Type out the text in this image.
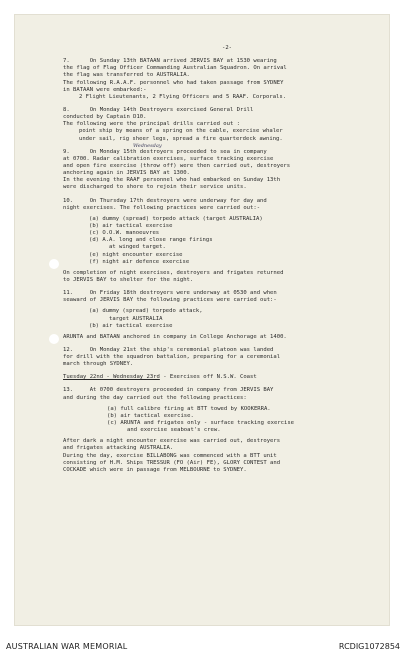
-2-
7.      On Sunday 13th BATAAN arrived JERVIS BAY at 1530 wearing
the flag of Flag Officer Commanding Australian Squadron. On arrival
the flag was transferred to AUSTRALIA.
The following R.A.A.F. personnel who had taken passage from SYDNEY
in BATAAN were embarked:-
2 Flight Lieutenants, 2 Flying Officers and 5 RAAF. Corporals.
8.      On Monday 14th Destroyers exercised General Drill
conducted by Captain D10.
The following were the principal drills carried out :
point ship by means of a spring on the cable, exercise whaler
under sail, rig sheer legs, spread a fire quarterdeck awning.
Wednesday
9.      On Monday 15th destroyers proceeded to sea in company
at 0700. Radar calibration exercises, surface tracking exercise
and open fire exercise (throw off) were then carried out, destroyers
anchoring again in JERVIS BAY at 1300.
In the evening the RAAF personnel who had embarked on Sunday 13th
were discharged to shore to rejoin their service units.
10.     On Thursday 17th destroyers were underway for day and
night exercises. The following practices were carried out:-
(a) dummy (spread) torpedo attack (target AUSTRALIA)
(b) air tactical exercise
(c) O.O.W. manoeuvres
(d) A.A. long and close range firings
at winged target.
(e) night encounter exercise
(f) night air defence exercise
On completion of night exercises, destroyers and frigates returned
to JERVIS BAY to shelter for the night.
11.     On Friday 18th destroyers were underway at 0530 and when
seaward of JERVIS BAY the following practices were carried out:-
(a) dummy (spread) torpedo attack,
target AUSTRALIA
(b) air tactical exercise
ARUNTA and BATAAN anchored in company in College Anchorage at 1400.
12.     On Monday 21st the ship's ceremonial platoon was landed
for drill with the squadron battalion, preparing for a ceremonial
march through SYDNEY.
Tuesday 22nd - Wednesday 23rd - Exercises off N.S.W. Coast
13.     At 0700 destroyers proceeded in company from JERVIS BAY
and during the day carried out the following practices:
(a) full calibre firing at BTT towed by KOOKERRA.
(b) air tactical exercise.
(c) ARUNTA and frigates only - surface tracking exercise
and exercise seaboat's crew.
After dark a night encounter exercise was carried out, destroyers
and frigates attacking AUSTRALIA.
During the day, exercise BILLABONG was commenced with a BTT unit
consisting of H.M. Ships TRESSUR (FO (Air) FE), GLORY CONTEST and
COCKADE which were in passage from MELBOURNE to SYDNEY.
AUSTRALIAN WAR MEMORIAL	RCDIG1072854
